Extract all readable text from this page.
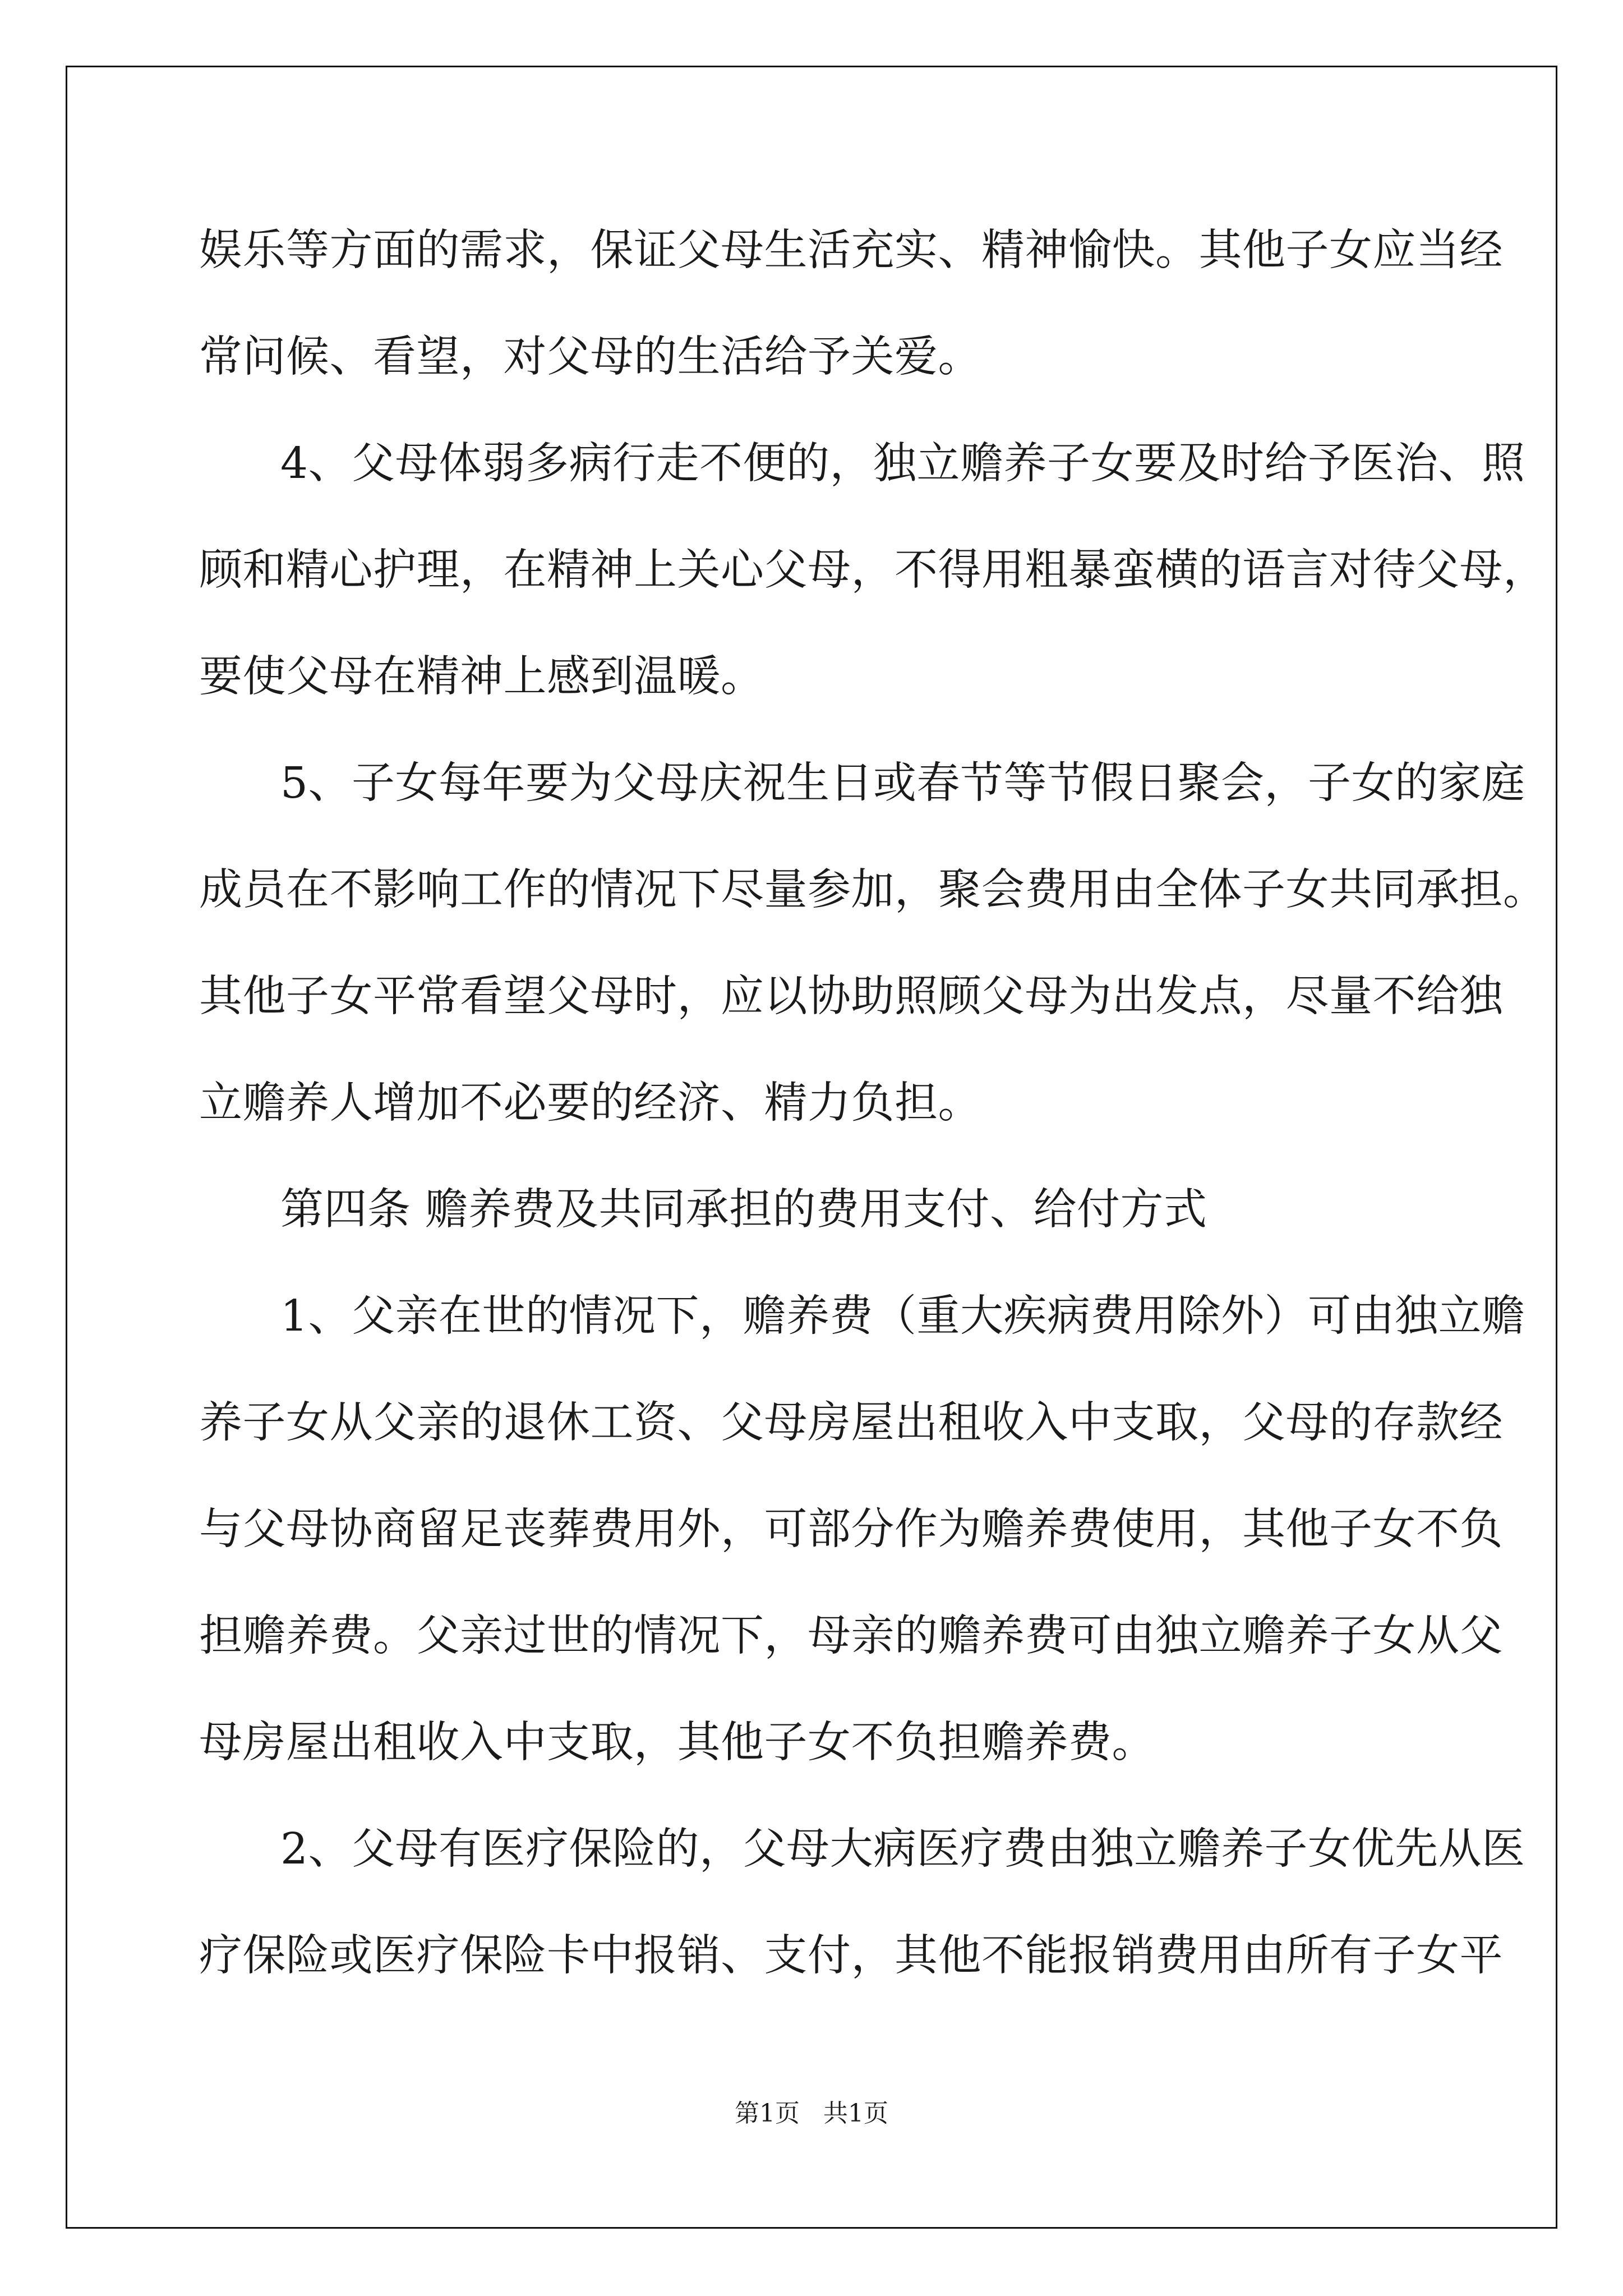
娱乐等方面的需求，保证父母生活充实、精神愉快。其他子女应当经
常问候、看望，对父母的生活给予关爱。
4、父母体弱多病行走不便的，独立赡养子女要及时给予医治、照
顾和精心护理，在精神上关心父母，不得用粗暴蛮横的语言对待父母，
要使父母在精神上感到温暖。
5、子女每年要为父母庆祝生日或春节等节假日聚会，子女的家庭
成员在不影响工作的情况下尽量参加，聚会费用由全体子女共同承担。
其他子女平常看望父母时，应以协助照顾父母为出发点，尽量不给独
立赡养人增加不必要的经济、精力负担。
第四条 赡养费及共同承担的费用支付、给付方式
1、父亲在世的情况下，赡养费（重大疾病费用除外）可由独立赡
养子女从父亲的退休工资、父母房屋出租收入中支取，父母的存款经
与父母协商留足丧葬费用外，可部分作为赡养费使用，其他子女不负
担赡养费。父亲过世的情况下，母亲的赡养费可由独立赡养子女从父
母房屋出租收入中支取，其他子女不负担赡养费。
2、父母有医疗保险的，父母大病医疗费由独立赡养子女优先从医
疗保险或医疗保险卡中报销、支付，其他不能报销费用由所有子女平
第1页   共1页
